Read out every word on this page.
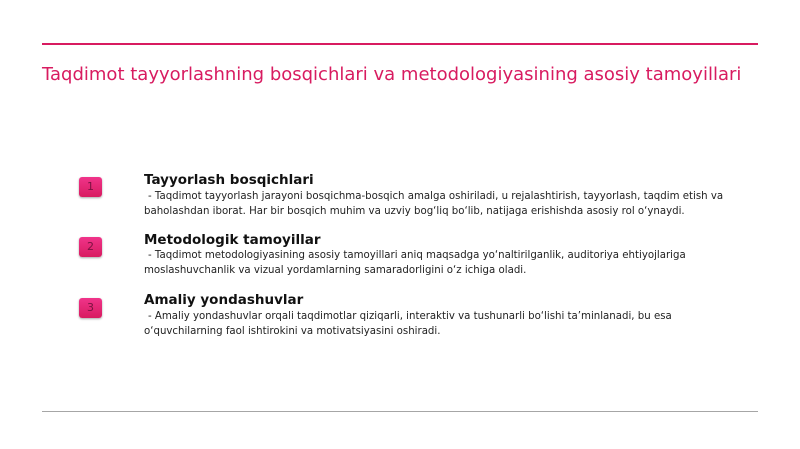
Taqdimot tayyorlashning bosqichlari va metodologiyasining asosiy tamoyillari
1	Tayyorlash bosqichlari

- Taqdimot tayyorlash jarayoni bosqichma-bosqich amalga oshiriladi, u rejalashtirish, tayyorlash, taqdim etish va baholashdan iborat. Har bir bosqich muhim va uzviy bog‘liq bo‘lib, natijaga erishishda asosiy rol o‘ynaydi.

2	Metodologik tamoyillar

- Taqdimot metodologiyasining asosiy tamoyillari aniq maqsadga yo‘naltirilganlik, auditoriya ehtiyojlariga moslashuvchanlik va vizual yordamlarning samaradorligini o‘z ichiga oladi.

3	Amaliy yondashuvlar

- Amaliy yondashuvlar orqali taqdimotlar qiziqarli, interaktiv va tushunarli bo‘lishi ta’minlanadi, bu esa o‘quvchilarning faol ishtirokini va motivatsiyasini oshiradi.
